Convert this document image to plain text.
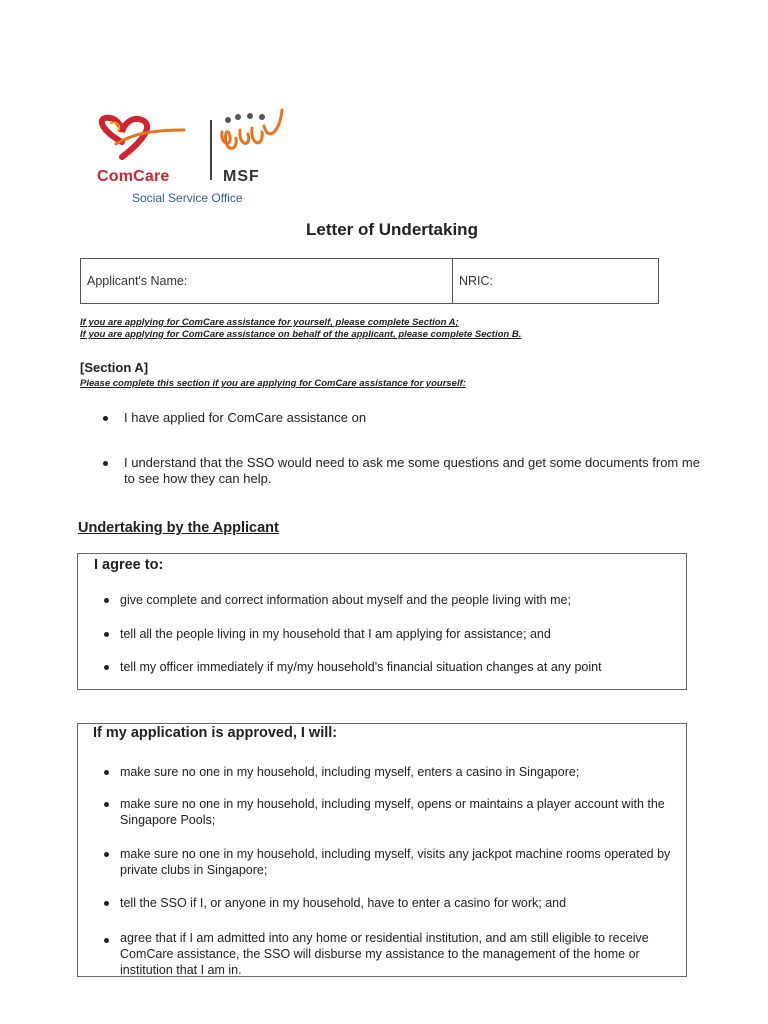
ComCare	MSF
Social Service Office
Letter of Undertaking
Applicant's Name:	NRIC:
If you are applying for ComCare assistance for yourself, please complete Section A;
If you are applying for ComCare assistance on behalf of the applicant, please complete Section B.
[Section A]
Please complete this section if you are applying for ComCare assistance for yourself:
I have applied for ComCare assistance on
I understand that the SSO would need to ask me some questions and get some documents from me to see how they can help.
Undertaking by the Applicant
I agree to:
give complete and correct information about myself and the people living with me;
tell all the people living in my household that I am applying for assistance; and
tell my officer immediately if my/my household's financial situation changes at any point
If my application is approved, I will:
make sure no one in my household, including myself, enters a casino in Singapore;
make sure no one in my household, including myself, opens or maintains a player account with the Singapore Pools;
make sure no one in my household, including myself, visits any jackpot machine rooms operated by private clubs in Singapore;
tell the SSO if I, or anyone in my household, have to enter a casino for work; and
agree that if I am admitted into any home or residential institution, and am still eligible to receive ComCare assistance, the SSO will disburse my assistance to the management of the home or institution that I am in.
